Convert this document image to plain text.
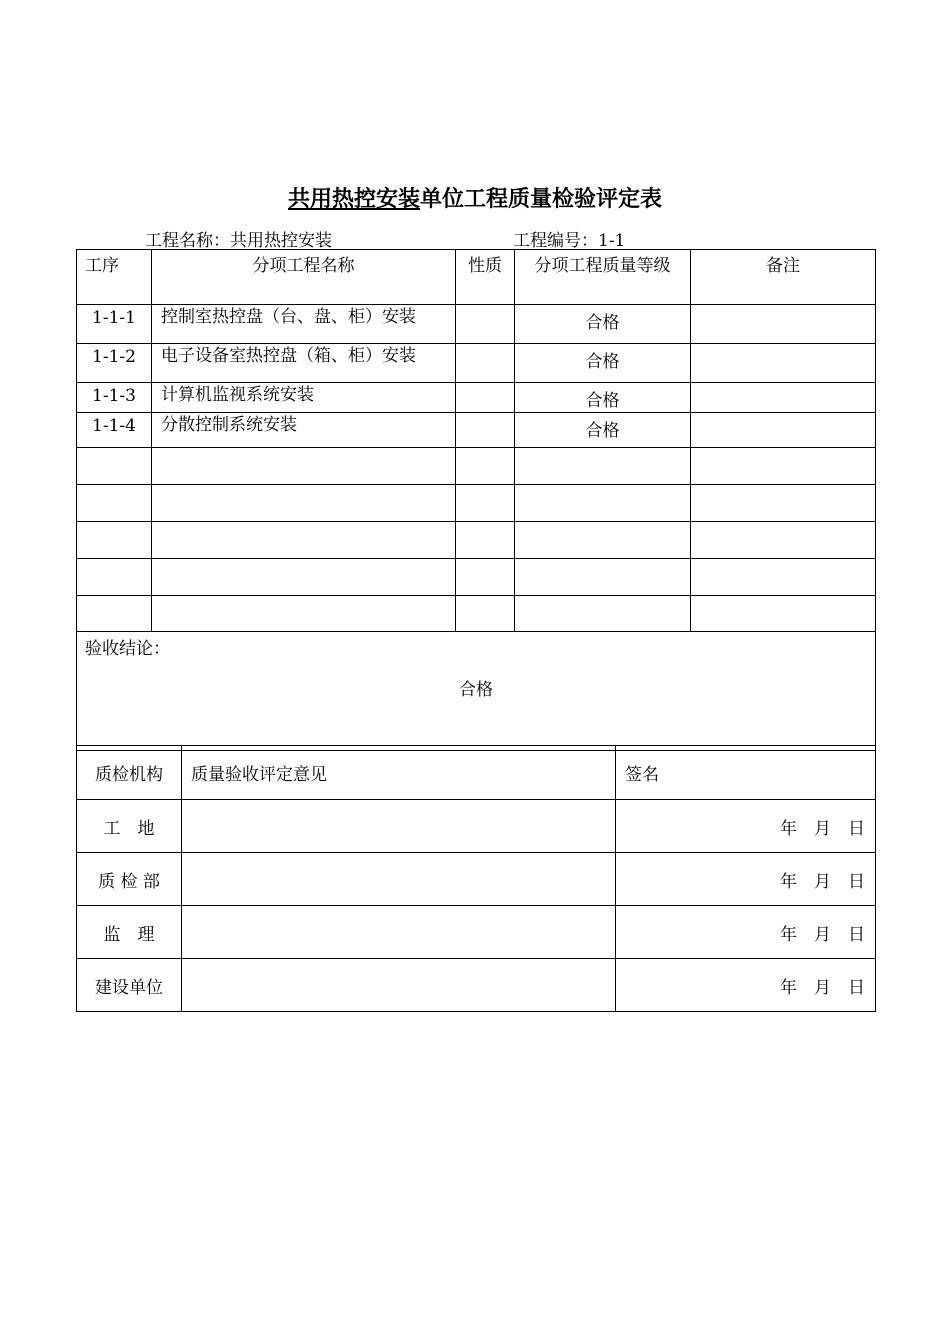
共用热控安装单位工程质量检验评定表
工程名称：共用热控安装	工程编号：1-1
工序	分项工程名称	性质	分项工程质量等级	备注
1-1-1	控制室热控盘（台、盘、柜）安装		合格	
1-1-2	电子设备室热控盘（箱、柜）安装		合格	
1-1-3	计算机监视系统安装		合格	
1-1-4	分散控制系统安装		合格	

验收结论：
合格				
质检机构	质量验收评定意见	签名
工　地		年　月　日
质 检 部		年　月　日
监　理		年　月　日
建设单位		年　月　日
